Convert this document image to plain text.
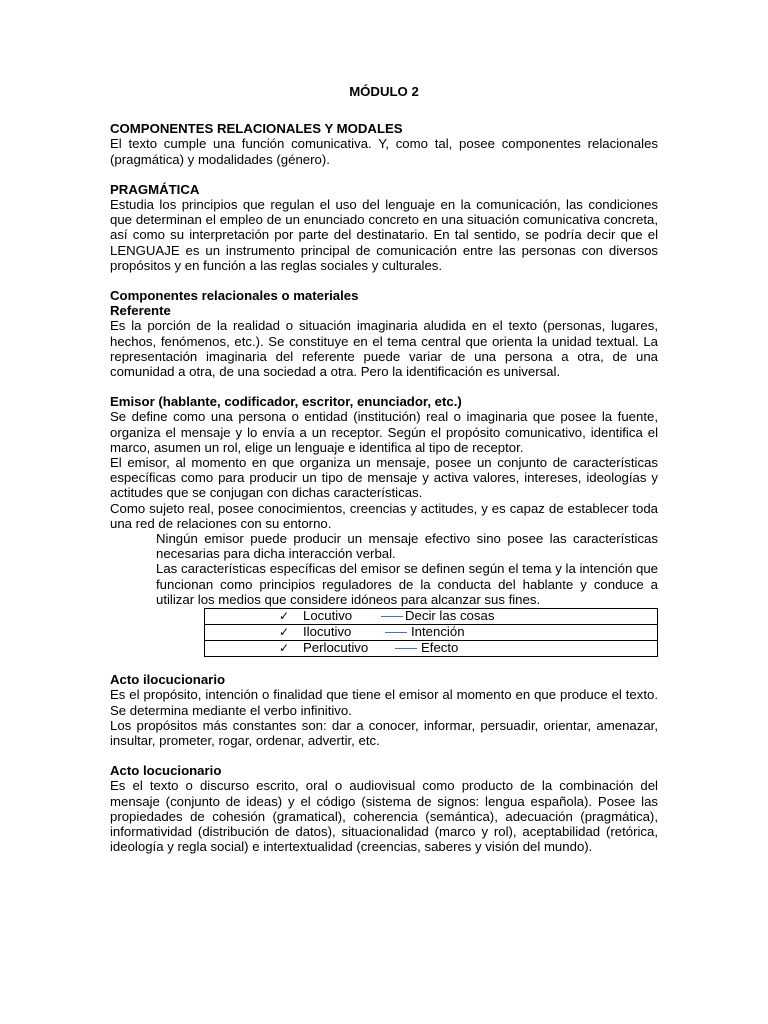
MÓDULO 2
COMPONENTES RELACIONALES Y MODALES

El texto cumple una función comunicativa. Y, como tal, posee componentes relacionales (pragmática) y modalidades (género).

PRAGMÁTICA

Estudia los principios que regulan el uso del lenguaje en la comunicación, las condiciones que determinan el empleo de un enunciado concreto en una situación comunicativa concreta, así como su interpretación por parte del destinatario. En tal sentido, se podría decir que el LENGUAJE es un instrumento principal de comunicación entre las personas con diversos propósitos y en función a las reglas sociales y culturales.

Componentes relacionales o materiales
Referente

Es la porción de la realidad o situación imaginaria aludida en el texto (personas, lugares, hechos, fenómenos, etc.). Se constituye en el tema central que orienta la unidad textual. La representación imaginaria del referente puede variar de una persona a otra, de una comunidad a otra, de una sociedad a otra. Pero la identificación es universal.

Emisor (hablante, codificador, escritor, enunciador, etc.)

Se define como una persona o entidad (institución) real o imaginaria que posee la fuente, organiza el mensaje y lo envía a un receptor. Según el propósito comunicativo, identifica el marco, asumen un rol, elige un lenguaje e identifica al tipo de receptor.

El emisor, al momento en que organiza un mensaje, posee un conjunto de características específicas como para producir un tipo de mensaje y activa valores, intereses, ideologías y actitudes que se conjugan con dichas características.

Como sujeto real, posee conocimientos, creencias y actitudes, y es capaz de establecer toda una red de relaciones con su entorno.

Ningún emisor puede producir un mensaje efectivo sino posee las características necesarias para dicha interacción verbal.
Las características específicas del emisor se definen según el tema y la intención que funcionan como principios reguladores de la conducta del hablante y conduce a utilizar los medios que considere idóneos para alcanzar sus fines.
✓ Locutivo	Decir las cosas

✓ Ilocutivo	Intención

✓ Perlocutivo	Efecto
Acto ilocucionario

Es el propósito, intención o finalidad que tiene el emisor al momento en que produce el texto. Se determina mediante el verbo infinitivo.

Los propósitos más constantes son: dar a conocer, informar, persuadir, orientar, amenazar, insultar, prometer, rogar, ordenar, advertir, etc.

Acto locucionario

Es el texto o discurso escrito, oral o audiovisual como producto de la combinación del mensaje (conjunto de ideas) y el código (sistema de signos: lengua española). Posee las propiedades de cohesión (gramatical), coherencia (semántica), adecuación (pragmática), informatividad (distribución de datos), situacionalidad (marco y rol), aceptabilidad (retórica, ideología y regla social) e intertextualidad (creencias, saberes y visión del mundo).
